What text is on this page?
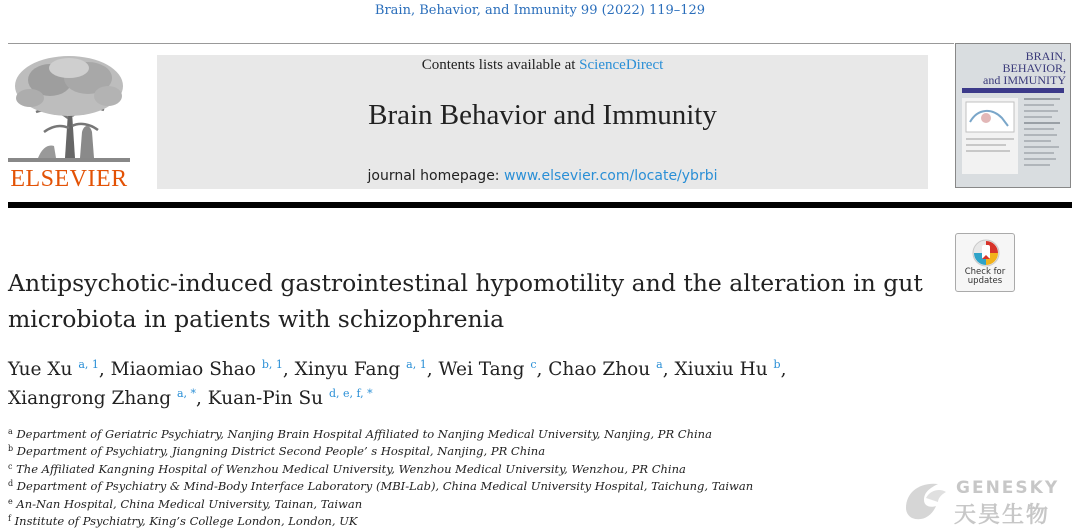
Brain, Behavior, and Immunity 99 (2022) 119–129
ELSEVIER
Contents lists available at ScienceDirect
Brain Behavior and Immunity
journal homepage: www.elsevier.com/locate/ybrbi
BRAIN,
BEHAVIOR,
and IMMUNITY
Check for updates
Antipsychotic-induced gastrointestinal hypomotility and the alteration in gut microbiota in patients with schizophrenia
Yue Xu $^{a, 1}$, Miaomiao Shao $^{b, 1}$, Xinyu Fang $^{a, 1}$, Wei Tang $^c$, Chao Zhou $^a$, Xiuxiu Hu $^b$,
Xiangrong Zhang $^{a, *}$, Kuan-Pin Su $^{d, e, f, *}$
$^a$ Department of Geriatric Psychiatry, Nanjing Brain Hospital Affiliated to Nanjing Medical University, Nanjing, PR China
$^b$ Department of Psychiatry, Jiangning District Second People’ s Hospital, Nanjing, PR China
$^c$ The Affiliated Kangning Hospital of Wenzhou Medical University, Wenzhou Medical University, Wenzhou, PR China
$^d$ Department of Psychiatry & Mind-Body Interface Laboratory (MBI-Lab), China Medical University Hospital, Taichung, Taiwan
$^e$ An-Nan Hospital, China Medical University, Tainan, Taiwan
$^f$ Institute of Psychiatry, King’s College London, London, UK
GENESKY
天昊生物
